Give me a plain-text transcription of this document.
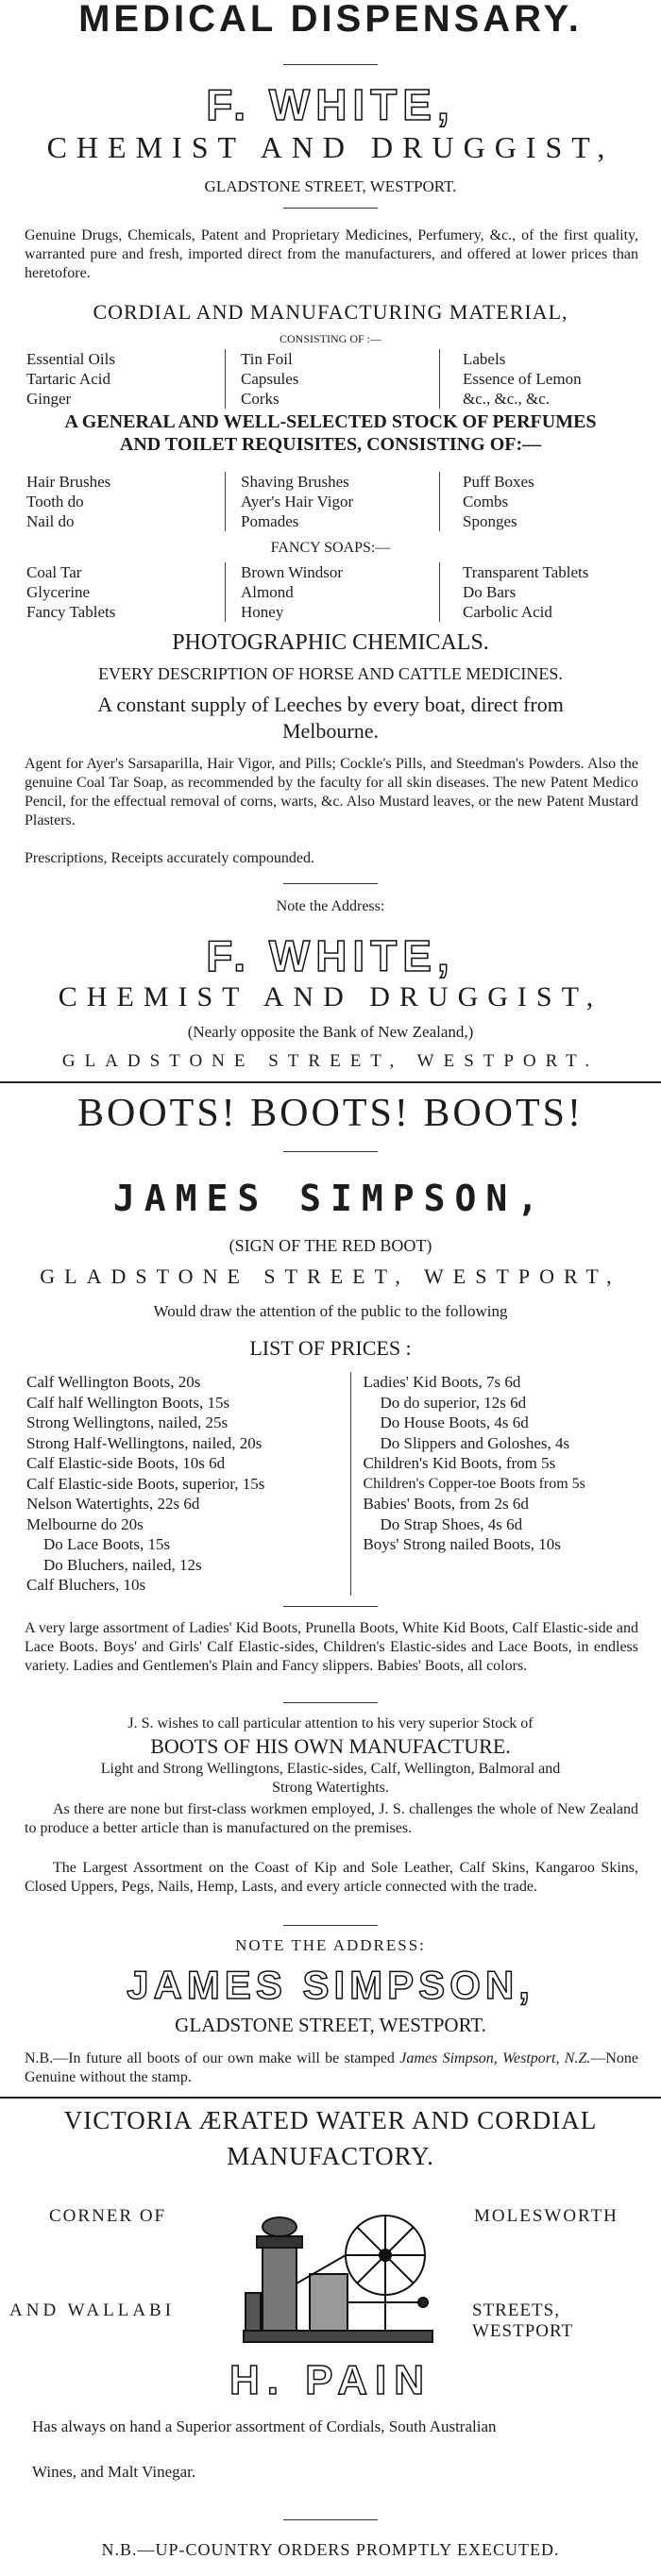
MEDICAL DISPENSARY.
F. WHITE,
CHEMIST AND DRUGGIST,
GLADSTONE STREET, WESTPORT.
Genuine Drugs, Chemicals, Patent and Proprietary Medicines, Perfumery, &c., of the first quality, warranted pure and fresh, imported direct from the manufacturers, and offered at lower prices than heretofore.
CORDIAL AND MANUFACTURING MATERIAL,
CONSISTING OF :—
Essential Oils
Tartaric Acid
Ginger
Tin Foil
Capsules
Corks
Labels
Essence of Lemon
&c., &c., &c.
A GENERAL AND WELL-SELECTED STOCK OF PERFUMES
AND TOILET REQUISITES, CONSISTING OF:—
Hair Brushes
Tooth do
Nail do
Shaving Brushes
Ayer's Hair Vigor
Pomades
Puff Boxes
Combs
Sponges
FANCY SOAPS:—
Coal Tar
Glycerine
Fancy Tablets
Brown Windsor
Almond
Honey
Transparent Tablets
Do Bars
Carbolic Acid
PHOTOGRAPHIC CHEMICALS.
EVERY DESCRIPTION OF HORSE AND CATTLE MEDICINES.
A constant supply of Leeches by every boat, direct from
Melbourne.
Agent for Ayer's Sarsaparilla, Hair Vigor, and Pills; Cockle's Pills, and Steedman's Powders. Also the genuine Coal Tar Soap, as recommended by the faculty for all skin diseases. The new Patent Medico Pencil, for the effectual removal of corns, warts, &c. Also Mustard leaves, or the new Patent Mustard Plasters.
Prescriptions, Receipts accurately compounded.
Note the Address:
F. WHITE,
CHEMIST AND DRUGGIST,
(Nearly opposite the Bank of New Zealand,)
GLADSTONE STREET, WESTPORT.
BOOTS! BOOTS! BOOTS!
JAMES SIMPSON,
(SIGN OF THE RED BOOT)
GLADSTONE STREET, WESTPORT,
Would draw the attention of the public to the following
LIST OF PRICES :
Calf Wellington Boots, 20s
Calf half Wellington Boots, 15s
Strong Wellingtons, nailed, 25s
Strong Half-Wellingtons, nailed, 20s
Calf Elastic-side Boots, 10s 6d
Calf Elastic-side Boots, superior, 15s
Nelson Watertights, 22s 6d
Melbourne do 20s
Do Lace Boots, 15s
Do Bluchers, nailed, 12s
Calf Bluchers, 10s
Ladies' Kid Boots, 7s 6d
Do do superior, 12s 6d
Do House Boots, 4s 6d
Do Slippers and Goloshes, 4s
Children's Kid Boots, from 5s
Children's Copper-toe Boots from 5s
Babies' Boots, from 2s 6d
Do Strap Shoes, 4s 6d
Boys' Strong nailed Boots, 10s
A very large assortment of Ladies' Kid Boots, Prunella Boots, White Kid Boots, Calf Elastic-side and Lace Boots. Boys' and Girls' Calf Elastic-sides, Children's Elastic-sides and Lace Boots, in endless variety. Ladies and Gentlemen's Plain and Fancy slippers. Babies' Boots, all colors.
J. S. wishes to call particular attention to his very superior Stock of
BOOTS OF HIS OWN MANUFACTURE.
Light and Strong Wellingtons, Elastic-sides, Calf, Wellington, Balmoral and
Strong Watertights.
As there are none but first-class workmen employed, J. S. challenges the whole of New Zealand to produce a better article than is manufactured on the premises.
The Largest Assortment on the Coast of Kip and Sole Leather, Calf Skins, Kangaroo Skins, Closed Uppers, Pegs, Nails, Hemp, Lasts, and every article connected with the trade.
NOTE THE ADDRESS:
JAMES SIMPSON,
GLADSTONE STREET, WESTPORT.
N.B.—In future all boots of our own make will be stamped James Simpson, Westport, N.Z.—None Genuine without the stamp.
VICTORIA ÆRATED WATER AND CORDIAL
MANUFACTORY.
CORNER OF	MOLESWORTH
AND WALLABI	STREETS, WESTPORT
H. PAIN
Has always on hand a Superior assortment of Cordials, South Australian
Wines, and Malt Vinegar.
N.B.—UP-COUNTRY ORDERS PROMPTLY EXECUTED.
